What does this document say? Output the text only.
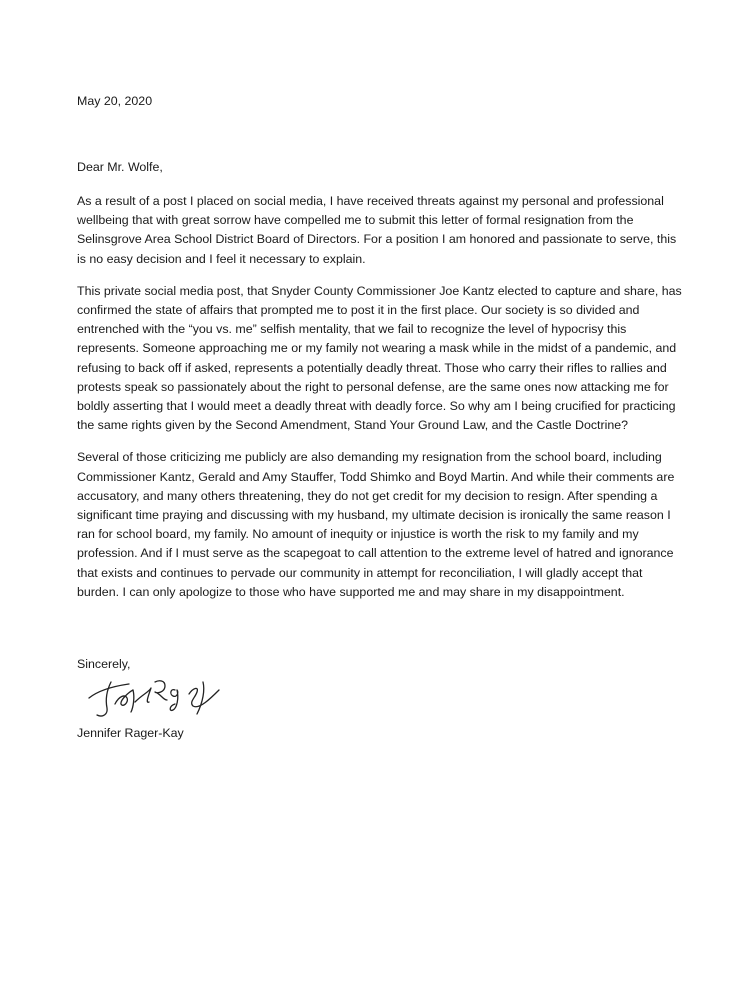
May 20, 2020
Dear Mr. Wolfe,

As a result of a post I placed on social media, I have received threats against my personal and professional wellbeing that with great sorrow have compelled me to submit this letter of formal resignation from the Selinsgrove Area School District Board of Directors. For a position I am honored and passionate to serve, this is no easy decision and I feel it necessary to explain.

This private social media post, that Snyder County Commissioner Joe Kantz elected to capture and share, has confirmed the state of affairs that prompted me to post it in the first place. Our society is so divided and entrenched with the “you vs. me” selfish mentality, that we fail to recognize the level of hypocrisy this represents. Someone approaching me or my family not wearing a mask while in the midst of a pandemic, and refusing to back off if asked, represents a potentially deadly threat. Those who carry their rifles to rallies and protests speak so passionately about the right to personal defense, are the same ones now attacking me for boldly asserting that I would meet a deadly threat with deadly force. So why am I being crucified for practicing the same rights given by the Second Amendment, Stand Your Ground Law, and the Castle Doctrine?

Several of those criticizing me publicly are also demanding my resignation from the school board, including Commissioner Kantz, Gerald and Amy Stauffer, Todd Shimko and Boyd Martin. And while their comments are accusatory, and many others threatening, they do not get credit for my decision to resign. After spending a significant time praying and discussing with my husband, my ultimate decision is ironically the same reason I ran for school board, my family. No amount of inequity or injustice is worth the risk to my family and my profession. And if I must serve as the scapegoat to call attention to the extreme level of hatred and ignorance that exists and continues to pervade our community in attempt for reconciliation, I will gladly accept that burden. I can only apologize to those who have supported me and may share in my disappointment.

Sincerely,
Jennifer Rager-Kay
